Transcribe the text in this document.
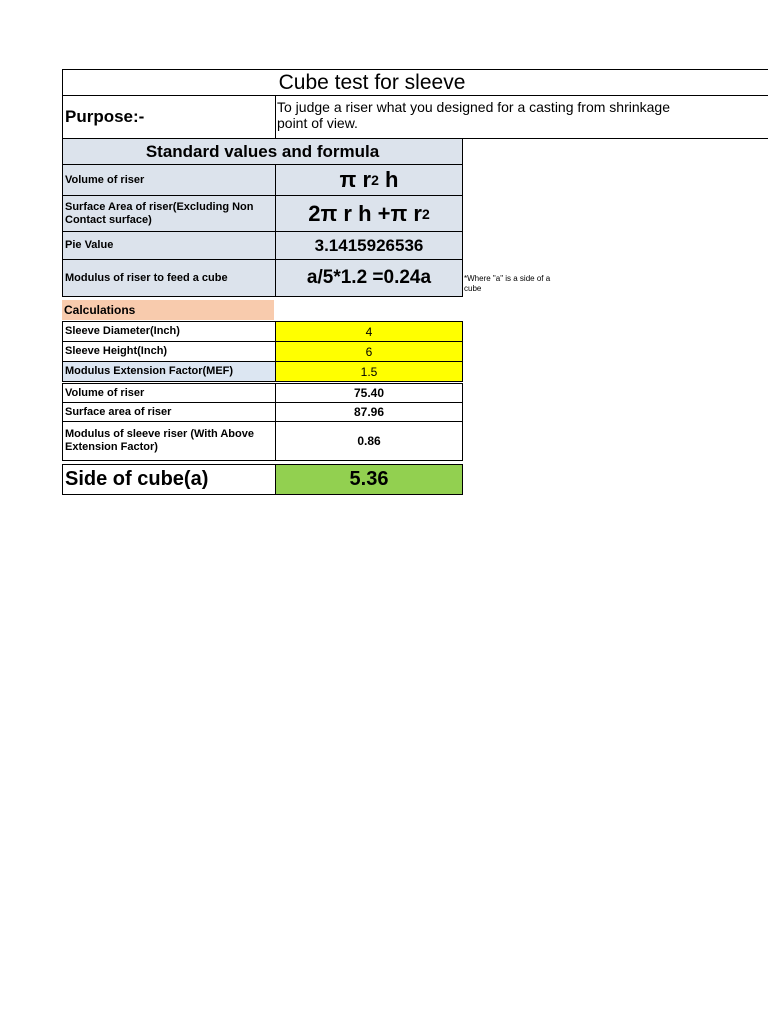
Cube test for sleeve
Purpose:-	To judge a riser what you designed for a casting from shrinkage point of view.
Standard values and formula
Volume of riser	π r 2 h
Surface Area of riser(Excluding Non Contact surface)	2π r h +π r 2
Pie Value	3.1415926536
Modulus of riser to feed a cube	a/5*1.2 =0.24a	*Where "a" is a side of a cube
Calculations
Sleeve Diameter(Inch)	4
Sleeve Height(Inch)	6
Modulus Extension Factor(MEF)	1.5
Volume of riser	75.40
Surface area of riser	87.96
Modulus of sleeve riser (With Above Extension Factor)	0.86
Side of cube(a)	5.36
